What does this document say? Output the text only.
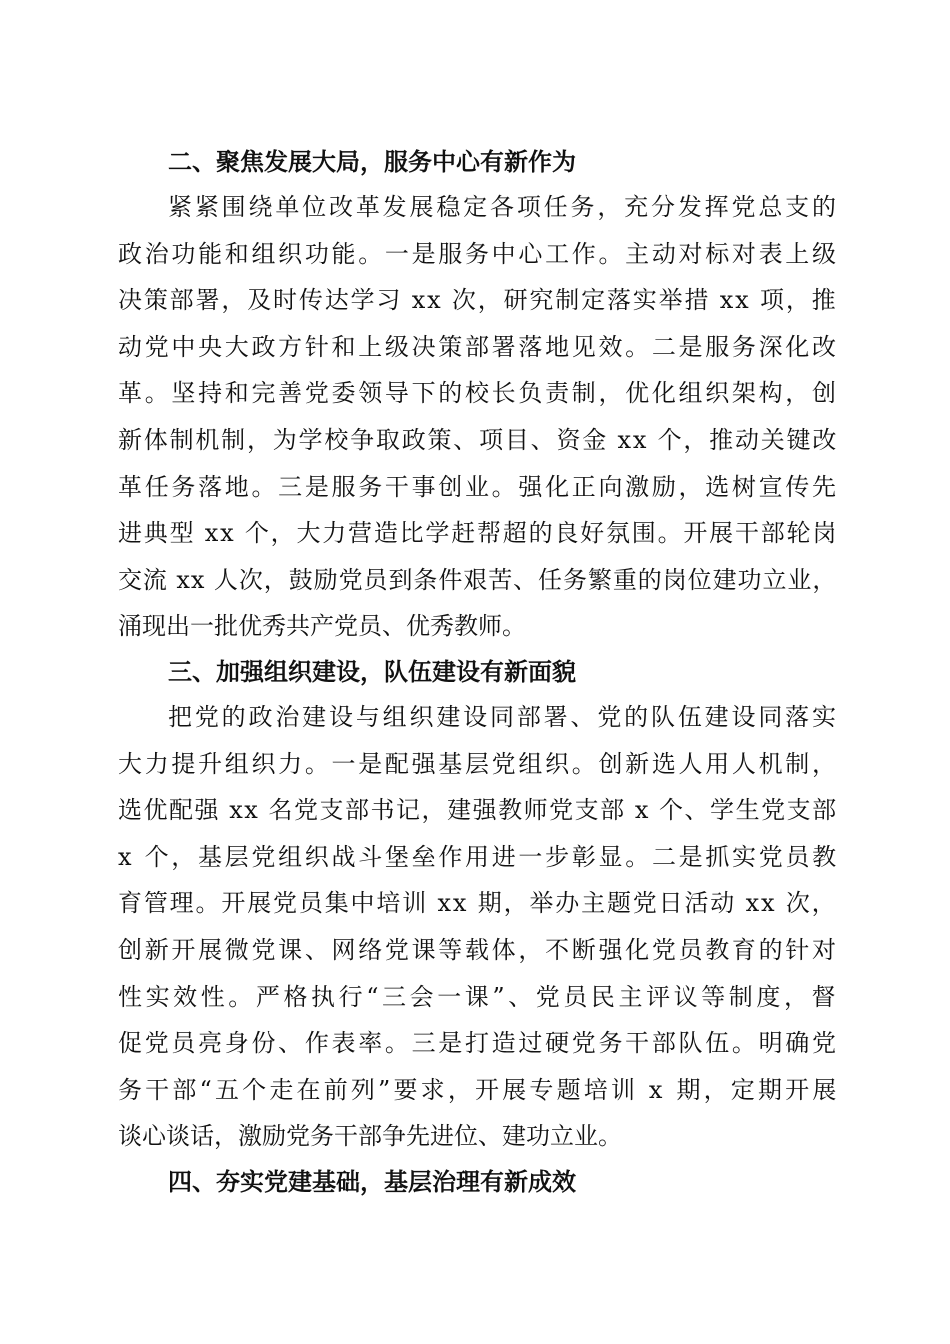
二、聚焦发展大局，服务中心有新作为
紧紧围绕单位改革发展稳定各项任务，充分发挥党总支的
政治功能和组织功能。一是服务中心工作。主动对标对表上级
决策部署，及时传达学习 xx 次，研究制定落实举措 xx 项，推
动党中央大政方针和上级决策部署落地见效。二是服务深化改
革。坚持和完善党委领导下的校长负责制，优化组织架构，创
新体制机制，为学校争取政策、项目、资金 xx 个，推动关键改
革任务落地。三是服务干事创业。强化正向激励，选树宣传先
进典型 xx 个，大力营造比学赶帮超的良好氛围。开展干部轮岗
交流 xx 人次，鼓励党员到条件艰苦、任务繁重的岗位建功立业，
涌现出一批优秀共产党员、优秀教师。
三、加强组织建设，队伍建设有新面貌
把党的政治建设与组织建设同部署、党的队伍建设同落实
大力提升组织力。一是配强基层党组织。创新选人用人机制，
选优配强 xx 名党支部书记，建强教师党支部 x 个、学生党支部
x 个，基层党组织战斗堡垒作用进一步彰显。二是抓实党员教
育管理。开展党员集中培训 xx 期，举办主题党日活动 xx 次，
创新开展微党课、网络党课等载体，不断强化党员教育的针对
性实效性。严格执行“三会一课”、党员民主评议等制度，督
促党员亮身份、作表率。三是打造过硬党务干部队伍。明确党
务干部“五个走在前列”要求，开展专题培训 x 期，定期开展
谈心谈话，激励党务干部争先进位、建功立业。
四、夯实党建基础，基层治理有新成效
